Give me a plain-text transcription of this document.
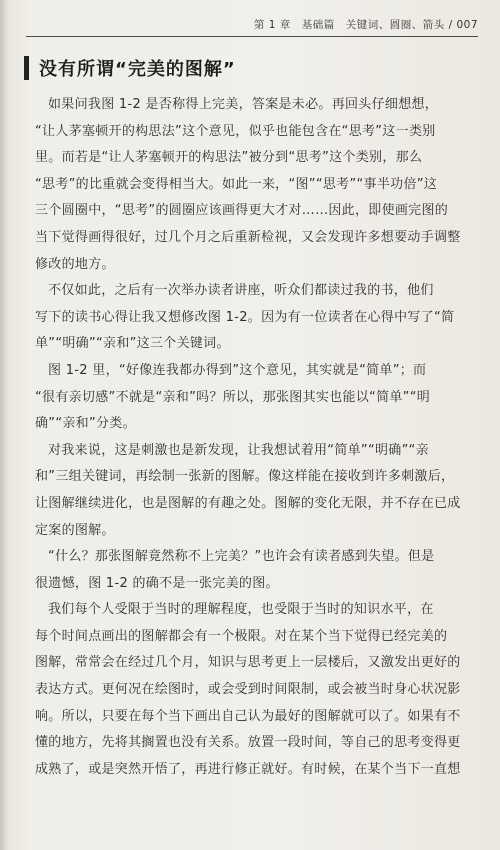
第 1 章　基础篇　关键词、圆圈、箭头 / 007
没有所谓“完美的图解”

如果问我图 1-2 是否称得上完美，答案是未必。再回头仔细想想，
“让人茅塞顿开的构思法”这个意见，似乎也能包含在“思考”这一类别
里。而若是“让人茅塞顿开的构思法”被分到“思考”这个类别，那么
“思考”的比重就会变得相当大。如此一来，“图”“思考”“事半功倍”这
三个圆圈中，“思考”的圆圈应该画得更大才对……因此，即使画完图的
当下觉得画得很好，过几个月之后重新检视，又会发现许多想要动手调整
修改的地方。

不仅如此，之后有一次举办读者讲座，听众们都读过我的书，他们
写下的读书心得让我又想修改图 1-2。因为有一位读者在心得中写了“简
单”“明确”“亲和”这三个关键词。

图 1-2 里，“好像连我都办得到”这个意见，其实就是“简单”；而
“很有亲切感”不就是“亲和”吗？所以，那张图其实也能以“简单”“明
确”“亲和”分类。

对我来说，这是刺激也是新发现，让我想试着用“简单”“明确”“亲
和”三组关键词，再绘制一张新的图解。像这样能在接收到许多刺激后，
让图解继续进化，也是图解的有趣之处。图解的变化无限，并不存在已成
定案的图解。

“什么？那张图解竟然称不上完美？”也许会有读者感到失望。但是
很遗憾，图 1-2 的确不是一张完美的图。

我们每个人受限于当时的理解程度，也受限于当时的知识水平，在
每个时间点画出的图解都会有一个极限。对在某个当下觉得已经完美的
图解，常常会在经过几个月，知识与思考更上一层楼后，又激发出更好的
表达方式。更何况在绘图时，或会受到时间限制，或会被当时身心状况影
响。所以，只要在每个当下画出自己认为最好的图解就可以了。如果有不
懂的地方，先将其搁置也没有关系。放置一段时间，等自己的思考变得更
成熟了，或是突然开悟了，再进行修正就好。有时候，在某个当下一直想
